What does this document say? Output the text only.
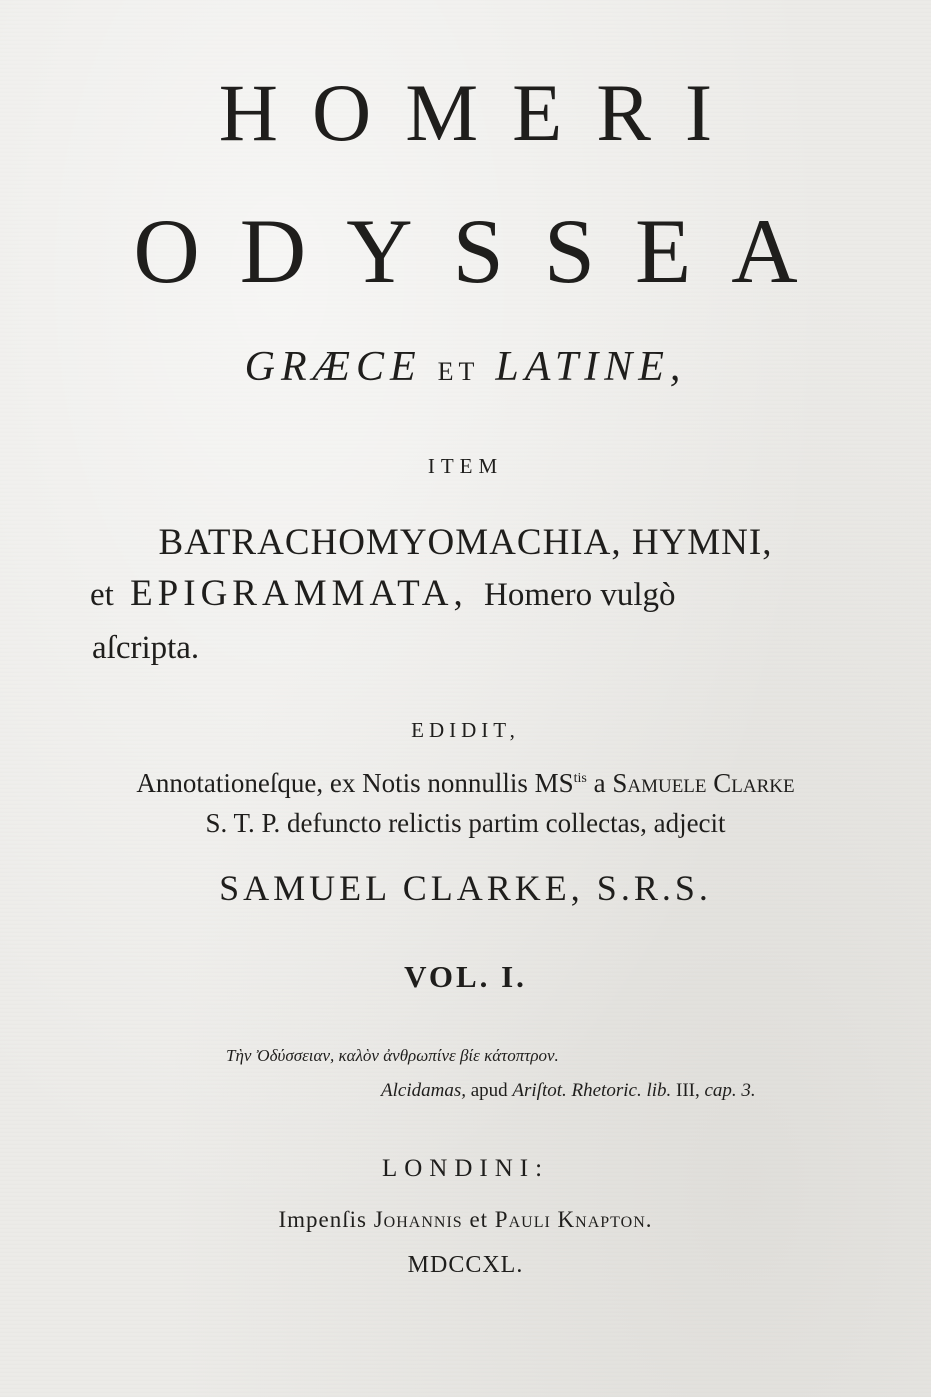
HOMERI
ODYSSEA
GRÆCE ET LATINE,
ITEM
BATRACHOMYOMACHIA, HYMNI,
et EPIGRAMMATA, Homero vulgò
aſcripta.
EDIDIT,
Annotationeſque, ex Notis nonnullis $MS^{tis}$ a Samuele Clarke
S. T. P. defuncto relictis partim collectas, adjecit
SAMUEL CLARKE, S.R.S.
VOL. I.
Τὴν Ὀδύσσειαν, καλὸν ἀνθρωπίνε βίε κάτοπτρον.
Alcidamas, apud Ariſtot. Rhetoric. lib. III, cap. 3.
LONDINI:
Impenſis Johannis et Pauli Knapton.
MDCCXL.
